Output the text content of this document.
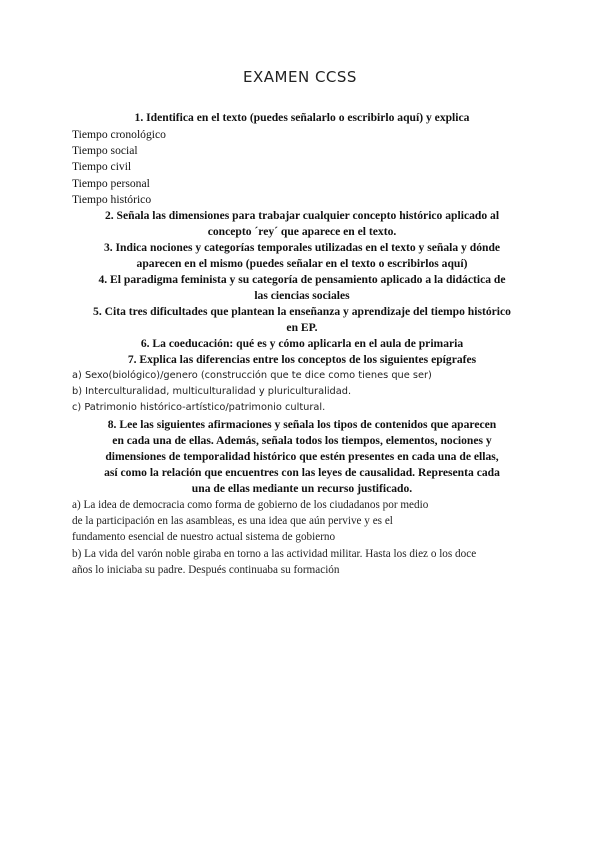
EXAMEN CCSS

1. Identifica en el texto (puedes señalarlo o escribirlo aquí) y explica

Tiempo cronológico

Tiempo social

Tiempo civil

Tiempo personal

Tiempo histórico

2. Señala las dimensiones para trabajar cualquier concepto histórico aplicado al

concepto ´rey´ que aparece en el texto.

3. Indica nociones y categorías temporales utilizadas en el texto y señala y dónde

aparecen en el mismo (puedes señalar en el texto o escribirlos aquí)

4. El paradigma feminista y su categoría de pensamiento aplicado a la didáctica de

las ciencias sociales

5. Cita tres dificultades que plantean la enseñanza y aprendizaje del tiempo histórico

en EP.

6. La coeducación: qué es y cómo aplicarla en el aula de primaria

7. Explica las diferencias entre los conceptos de los siguientes epígrafes

a) Sexo(biológico)/genero (construcción que te dice como tienes que ser)

b) Interculturalidad, multiculturalidad y pluriculturalidad.

c) Patrimonio histórico-artístico/patrimonio cultural.

8. Lee las siguientes afirmaciones y señala los tipos de contenidos que aparecen

en cada una de ellas. Además, señala todos los tiempos, elementos, nociones y

dimensiones de temporalidad histórico que estén presentes en cada una de ellas,

así como la relación que encuentres con las leyes de causalidad. Representa cada

una de ellas mediante un recurso justificado.

a) La idea de democracia como forma de gobierno de los ciudadanos por medio

de la participación en las asambleas, es una idea que aún pervive y es el

fundamento esencial de nuestro actual sistema de gobierno

b) La vida del varón noble giraba en torno a las actividad militar. Hasta los diez o los doce

años lo iniciaba su padre. Después continuaba su formación
